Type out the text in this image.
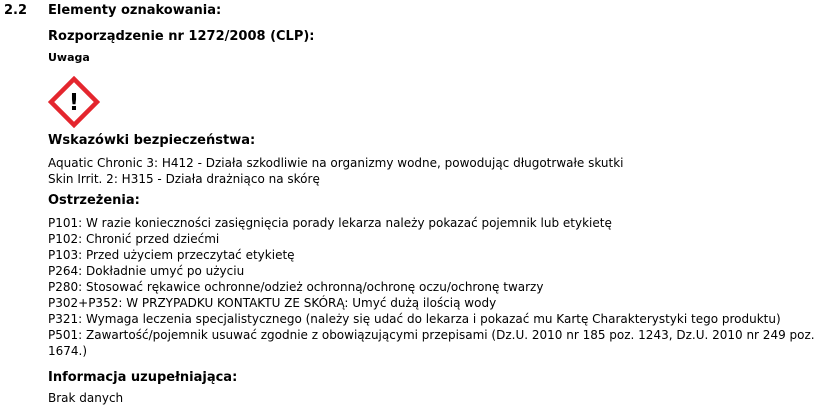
2.2 Elementy oznakowania:
Rozporządzenie nr 1272/2008 (CLP):
Uwaga
!
Wskazówki bezpieczeństwa:
Aquatic Chronic 3: H412 - Działa szkodliwie na organizmy wodne, powodując długotrwałe skutki
Skin Irrit. 2: H315 - Działa drażniąco na skórę
Ostrzeżenia:
P101: W razie konieczności zasięgnięcia porady lekarza należy pokazać pojemnik lub etykietę
P102: Chronić przed dziećmi
P103: Przed użyciem przeczytać etykietę
P264: Dokładnie umyć po użyciu
P280: Stosować rękawice ochronne/odzież ochronną/ochronę oczu/ochronę twarzy
P302+P352: W PRZYPADKU KONTAKTU ZE SKÓRĄ: Umyć dużą ilością wody
P321: Wymaga leczenia specjalistycznego (należy się udać do lekarza i pokazać mu Kartę Charakterystyki tego produktu)
P501: Zawartość/pojemnik usuwać zgodnie z obowiązującymi przepisami (Dz.U. 2010 nr 185 poz. 1243, Dz.U. 2010 nr 249 poz.
1674.)
Informacja uzupełniająca:
Brak danych
